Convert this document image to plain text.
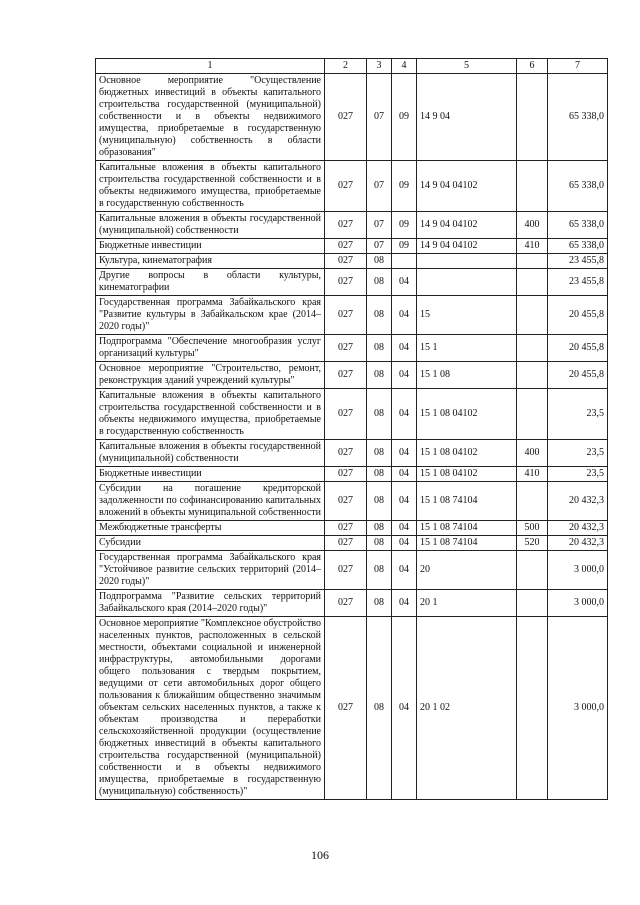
1	2	3	4	5	6	7
Основное мероприятие "Осуществление бюджетных инвестиций в объекты капитального строительства государственной (муниципальной) собственности и в объекты недвижимого имущества, приобретаемые в государственную (муниципальную) собственность в области образования"	027	07	09	14 9 04		65 338,0
Капитальные вложения в объекты капитального строительства государственной собственности и в объекты недвижимого имущества, приобретаемые в государственную собственность	027	07	09	14 9 04 04102		65 338,0
Капитальные вложения в объекты государственной (муниципальной) собственности	027	07	09	14 9 04 04102	400	65 338,0
Бюджетные инвестиции	027	07	09	14 9 04 04102	410	65 338,0
Культура, кинематография	027	08				23 455,8
Другие вопросы в области культуры, кинематографии	027	08	04			23 455,8
Государственная программа Забайкальского края "Развитие культуры в Забайкальском крае (2014–2020 годы)"	027	08	04	15		20 455,8
Подпрограмма "Обеспечение многообразия услуг организаций культуры"	027	08	04	15 1		20 455,8
Основное мероприятие "Строительство, ремонт, реконструкция зданий учреждений культуры"	027	08	04	15 1 08		20 455,8
Капитальные вложения в объекты капитального строительства государственной собственности и в объекты недвижимого имущества, приобретаемые в государственную собственность	027	08	04	15 1 08 04102		23,5
Капитальные вложения в объекты государственной (муниципальной) собственности	027	08	04	15 1 08 04102	400	23,5
Бюджетные инвестиции	027	08	04	15 1 08 04102	410	23,5
Субсидии на погашение кредиторской задолженности по софинансированию капитальных вложений в объекты муниципальной собственности	027	08	04	15 1 08 74104		20 432,3
Межбюджетные трансферты	027	08	04	15 1 08 74104	500	20 432,3
Субсидии	027	08	04	15 1 08 74104	520	20 432,3
Государственная программа Забайкальского края "Устойчивое развитие сельских территорий (2014–2020 годы)"	027	08	04	20		3 000,0
Подпрограмма "Развитие сельских территорий Забайкальского края (2014–2020 годы)"	027	08	04	20 1		3 000,0
Основное мероприятие "Комплексное обустройство населенных пунктов, расположенных в сельской местности, объектами социальной и инженерной инфраструктуры, автомобильными дорогами общего пользования с твердым покрытием, ведущими от сети автомобильных дорог общего пользования к ближайшим общественно значимым объектам сельских населенных пунктов, а также к объектам производства и переработки сельскохозяйственной продукции (осуществление бюджетных инвестиций в объекты капитального строительства государственной (муниципальной) собственности и в объекты недвижимого имущества, приобретаемые в государственную (муниципальную) собственность)"	027	08	04	20 1 02		3 000,0
106
